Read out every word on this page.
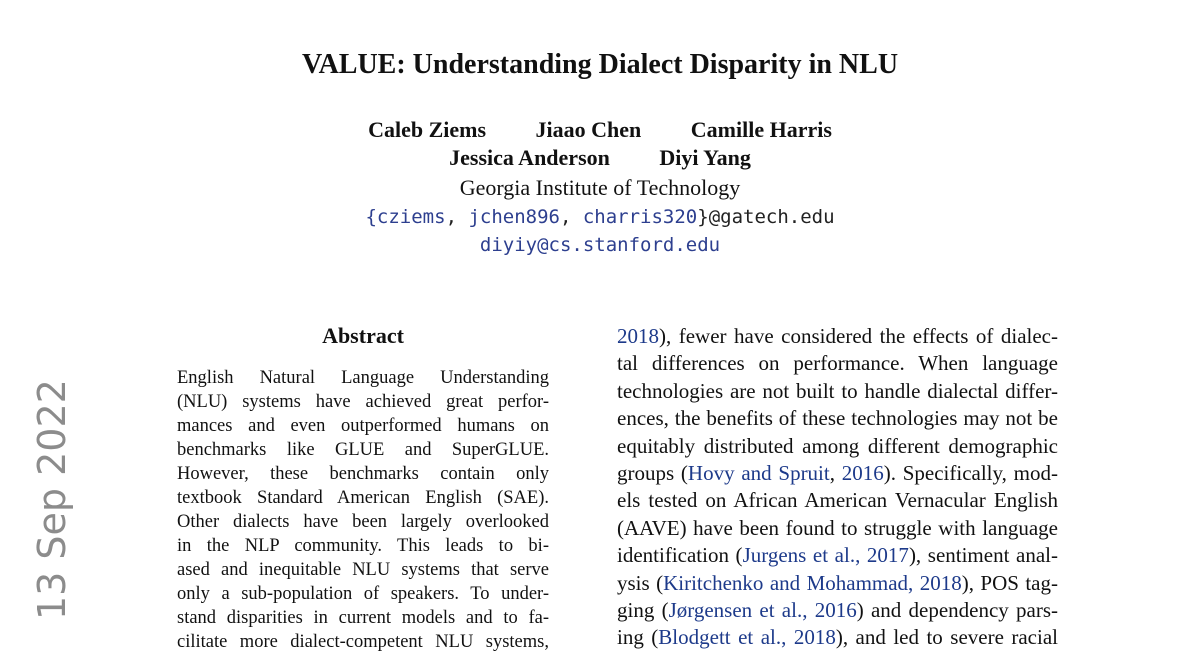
VALUE: Understanding Dialect Disparity in NLU
Caleb Ziems Jiaao Chen Camille Harris
Jessica Anderson Diyi Yang
Georgia Institute of Technology
{cziems, jchen896, charris320}@gatech.edu
diyiy@cs.stanford.edu
13 Sep 2022
Abstract
English Natural Language Understanding
(NLU) systems have achieved great perfor-
mances and even outperformed humans on
benchmarks like GLUE and SuperGLUE.
However, these benchmarks contain only
textbook Standard American English (SAE).
Other dialects have been largely overlooked
in the NLP community. This leads to bi-
ased and inequitable NLU systems that serve
only a sub-population of speakers. To under-
stand disparities in current models and to fa-
cilitate more dialect-competent NLU systems,
2018), fewer have considered the effects of dialec-
tal differences on performance. When language
technologies are not built to handle dialectal differ-
ences, the benefits of these technologies may not be
equitably distributed among different demographic
groups (Hovy and Spruit, 2016). Specifically, mod-
els tested on African American Vernacular English
(AAVE) have been found to struggle with language
identification (Jurgens et al., 2017), sentiment anal-
ysis (Kiritchenko and Mohammad, 2018), POS tag-
ging (Jørgensen et al., 2016) and dependency pars-
ing (Blodgett et al., 2018), and led to severe racial
